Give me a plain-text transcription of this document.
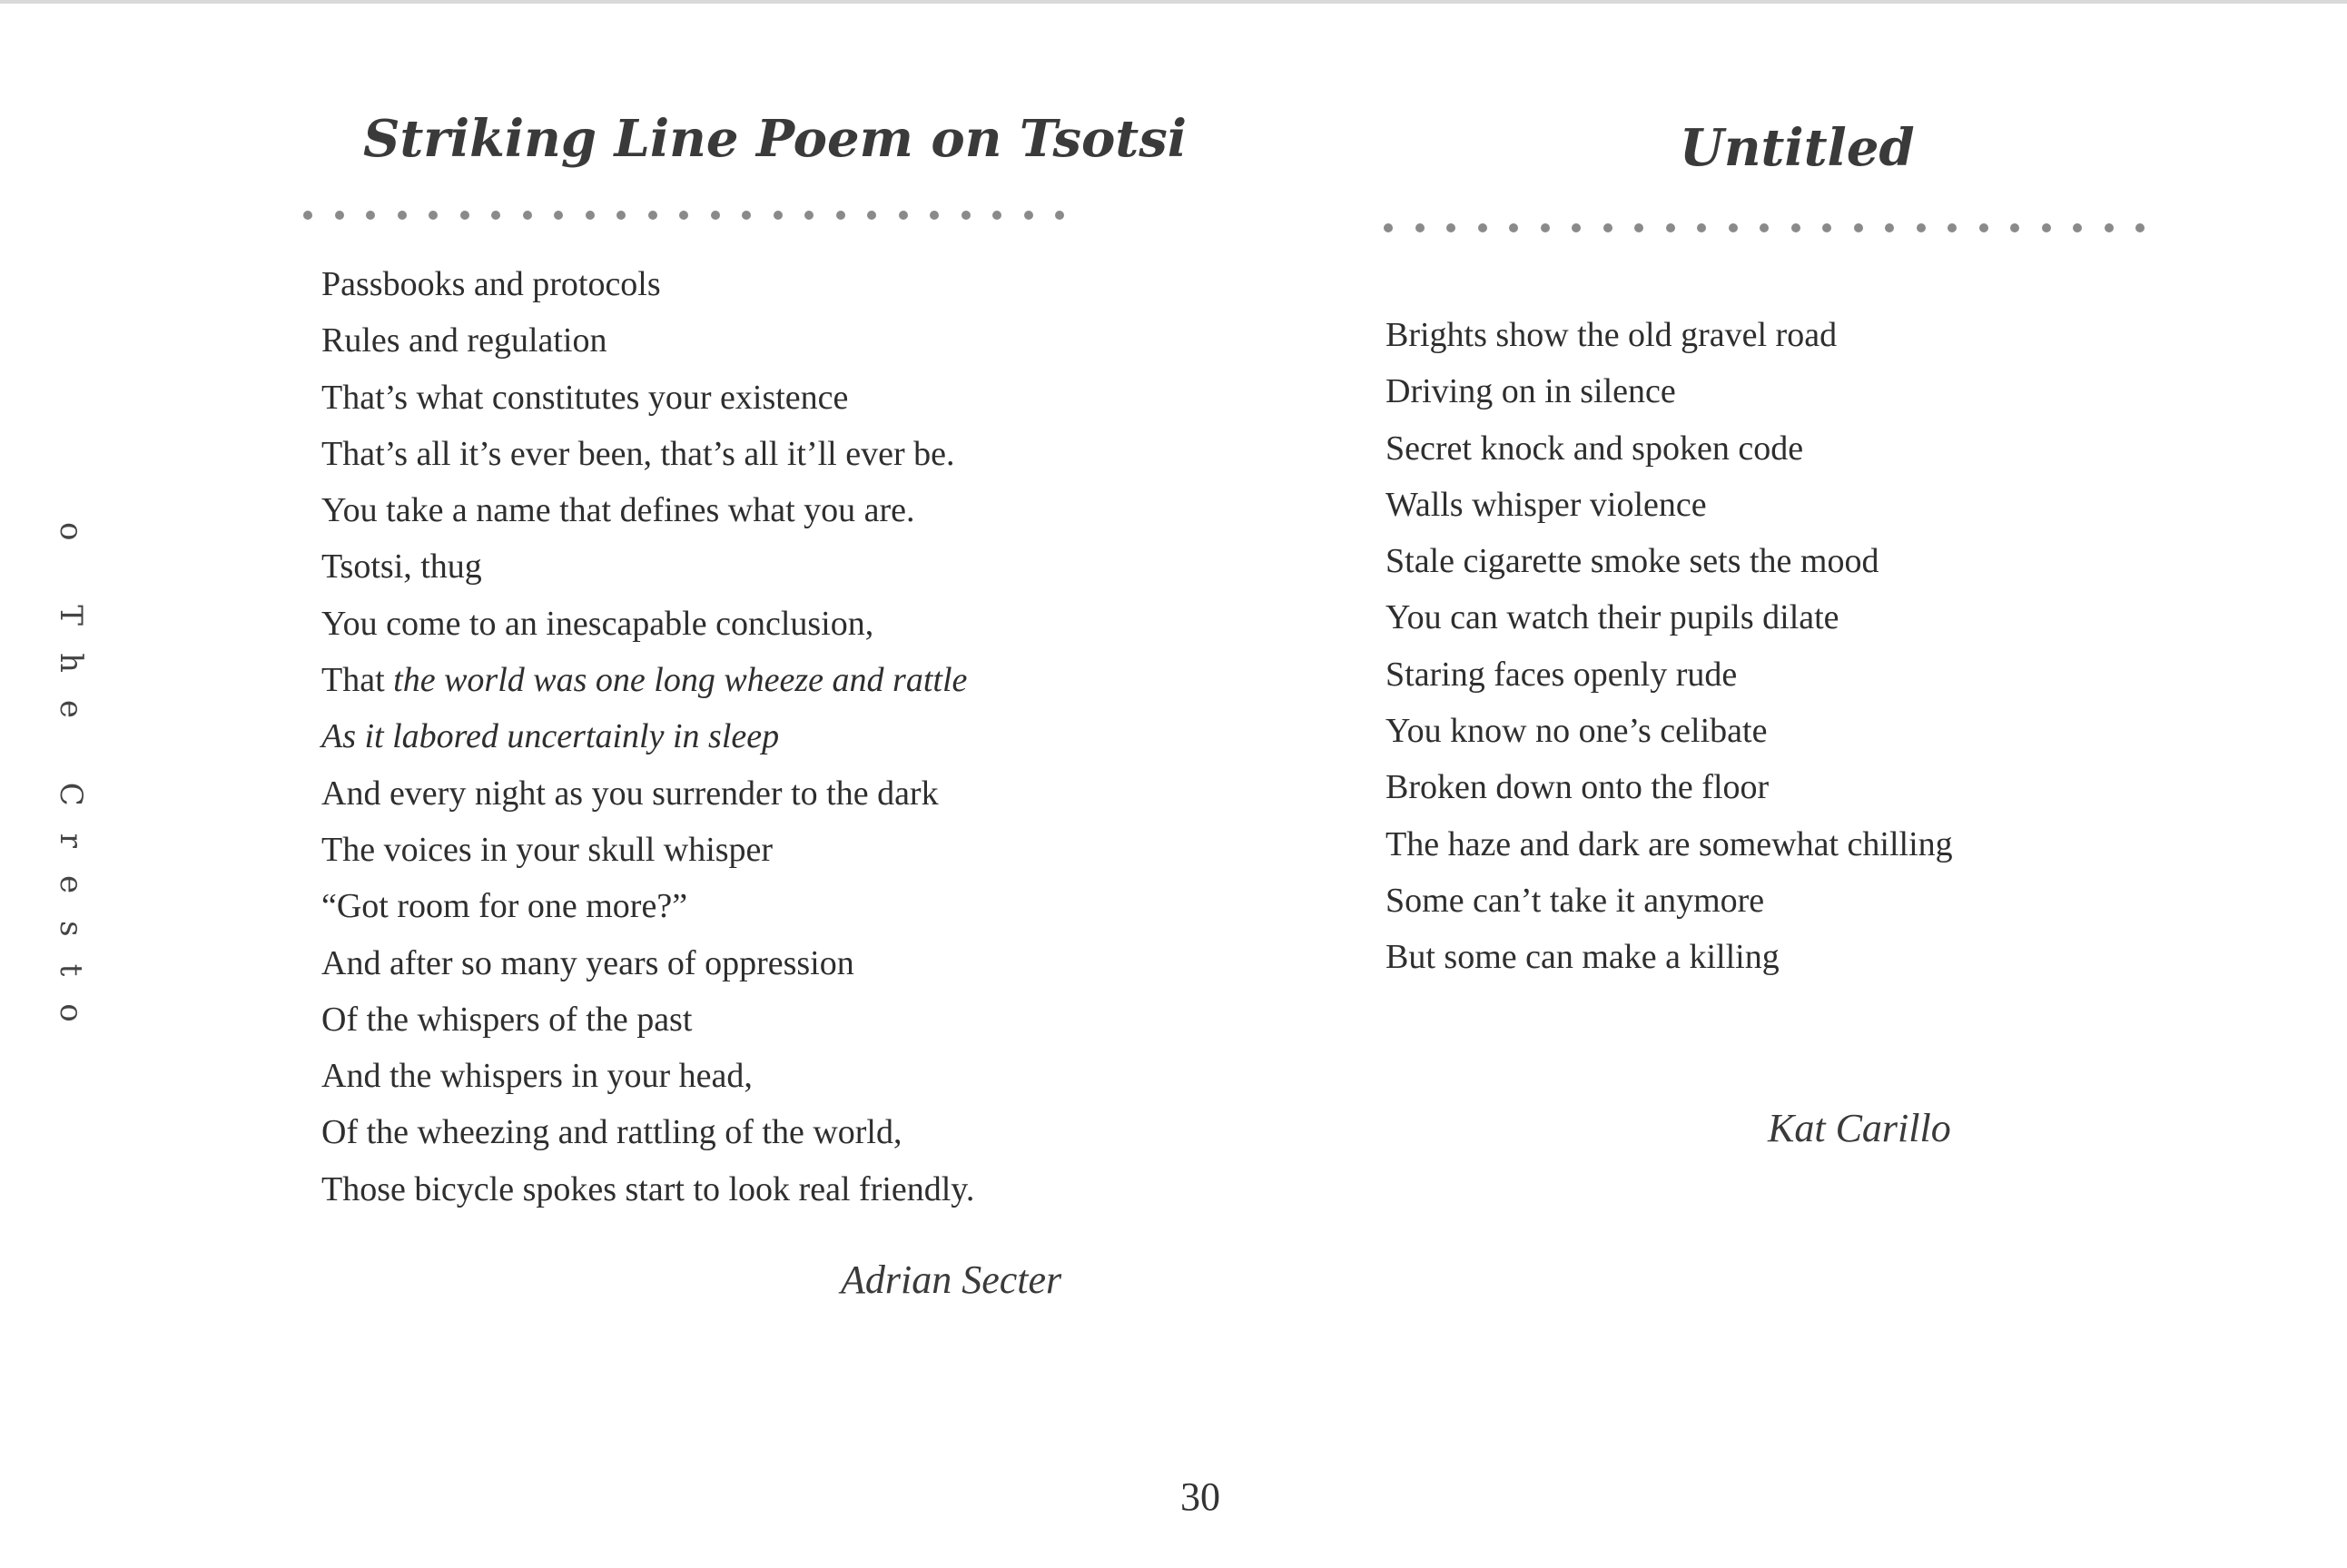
o The Cresto
Striking Line Poem on Tsotsi
Passbooks and protocols
Rules and regulation
That’s what constitutes your existence
That’s all it’s ever been, that’s all it’ll ever be.
You take a name that defines what you are.
Tsotsi, thug
You come to an inescapable conclusion,
That the world was one long wheeze and rattle
As it labored uncertainly in sleep
And every night as you surrender to the dark
The voices in your skull whisper
“Got room for one more?”
And after so many years of oppression
Of the whispers of the past
And the whispers in your head,
Of the wheezing and rattling of the world,
Those bicycle spokes start to look real friendly.
Adrian Secter
Untitled
Brights show the old gravel road
Driving on in silence
Secret knock and spoken code
Walls whisper violence
Stale cigarette smoke sets the mood
You can watch their pupils dilate
Staring faces openly rude
You know no one’s celibate
Broken down onto the floor
The haze and dark are somewhat chilling
Some can’t take it anymore
But some can make a killing
Kat Carillo
30
